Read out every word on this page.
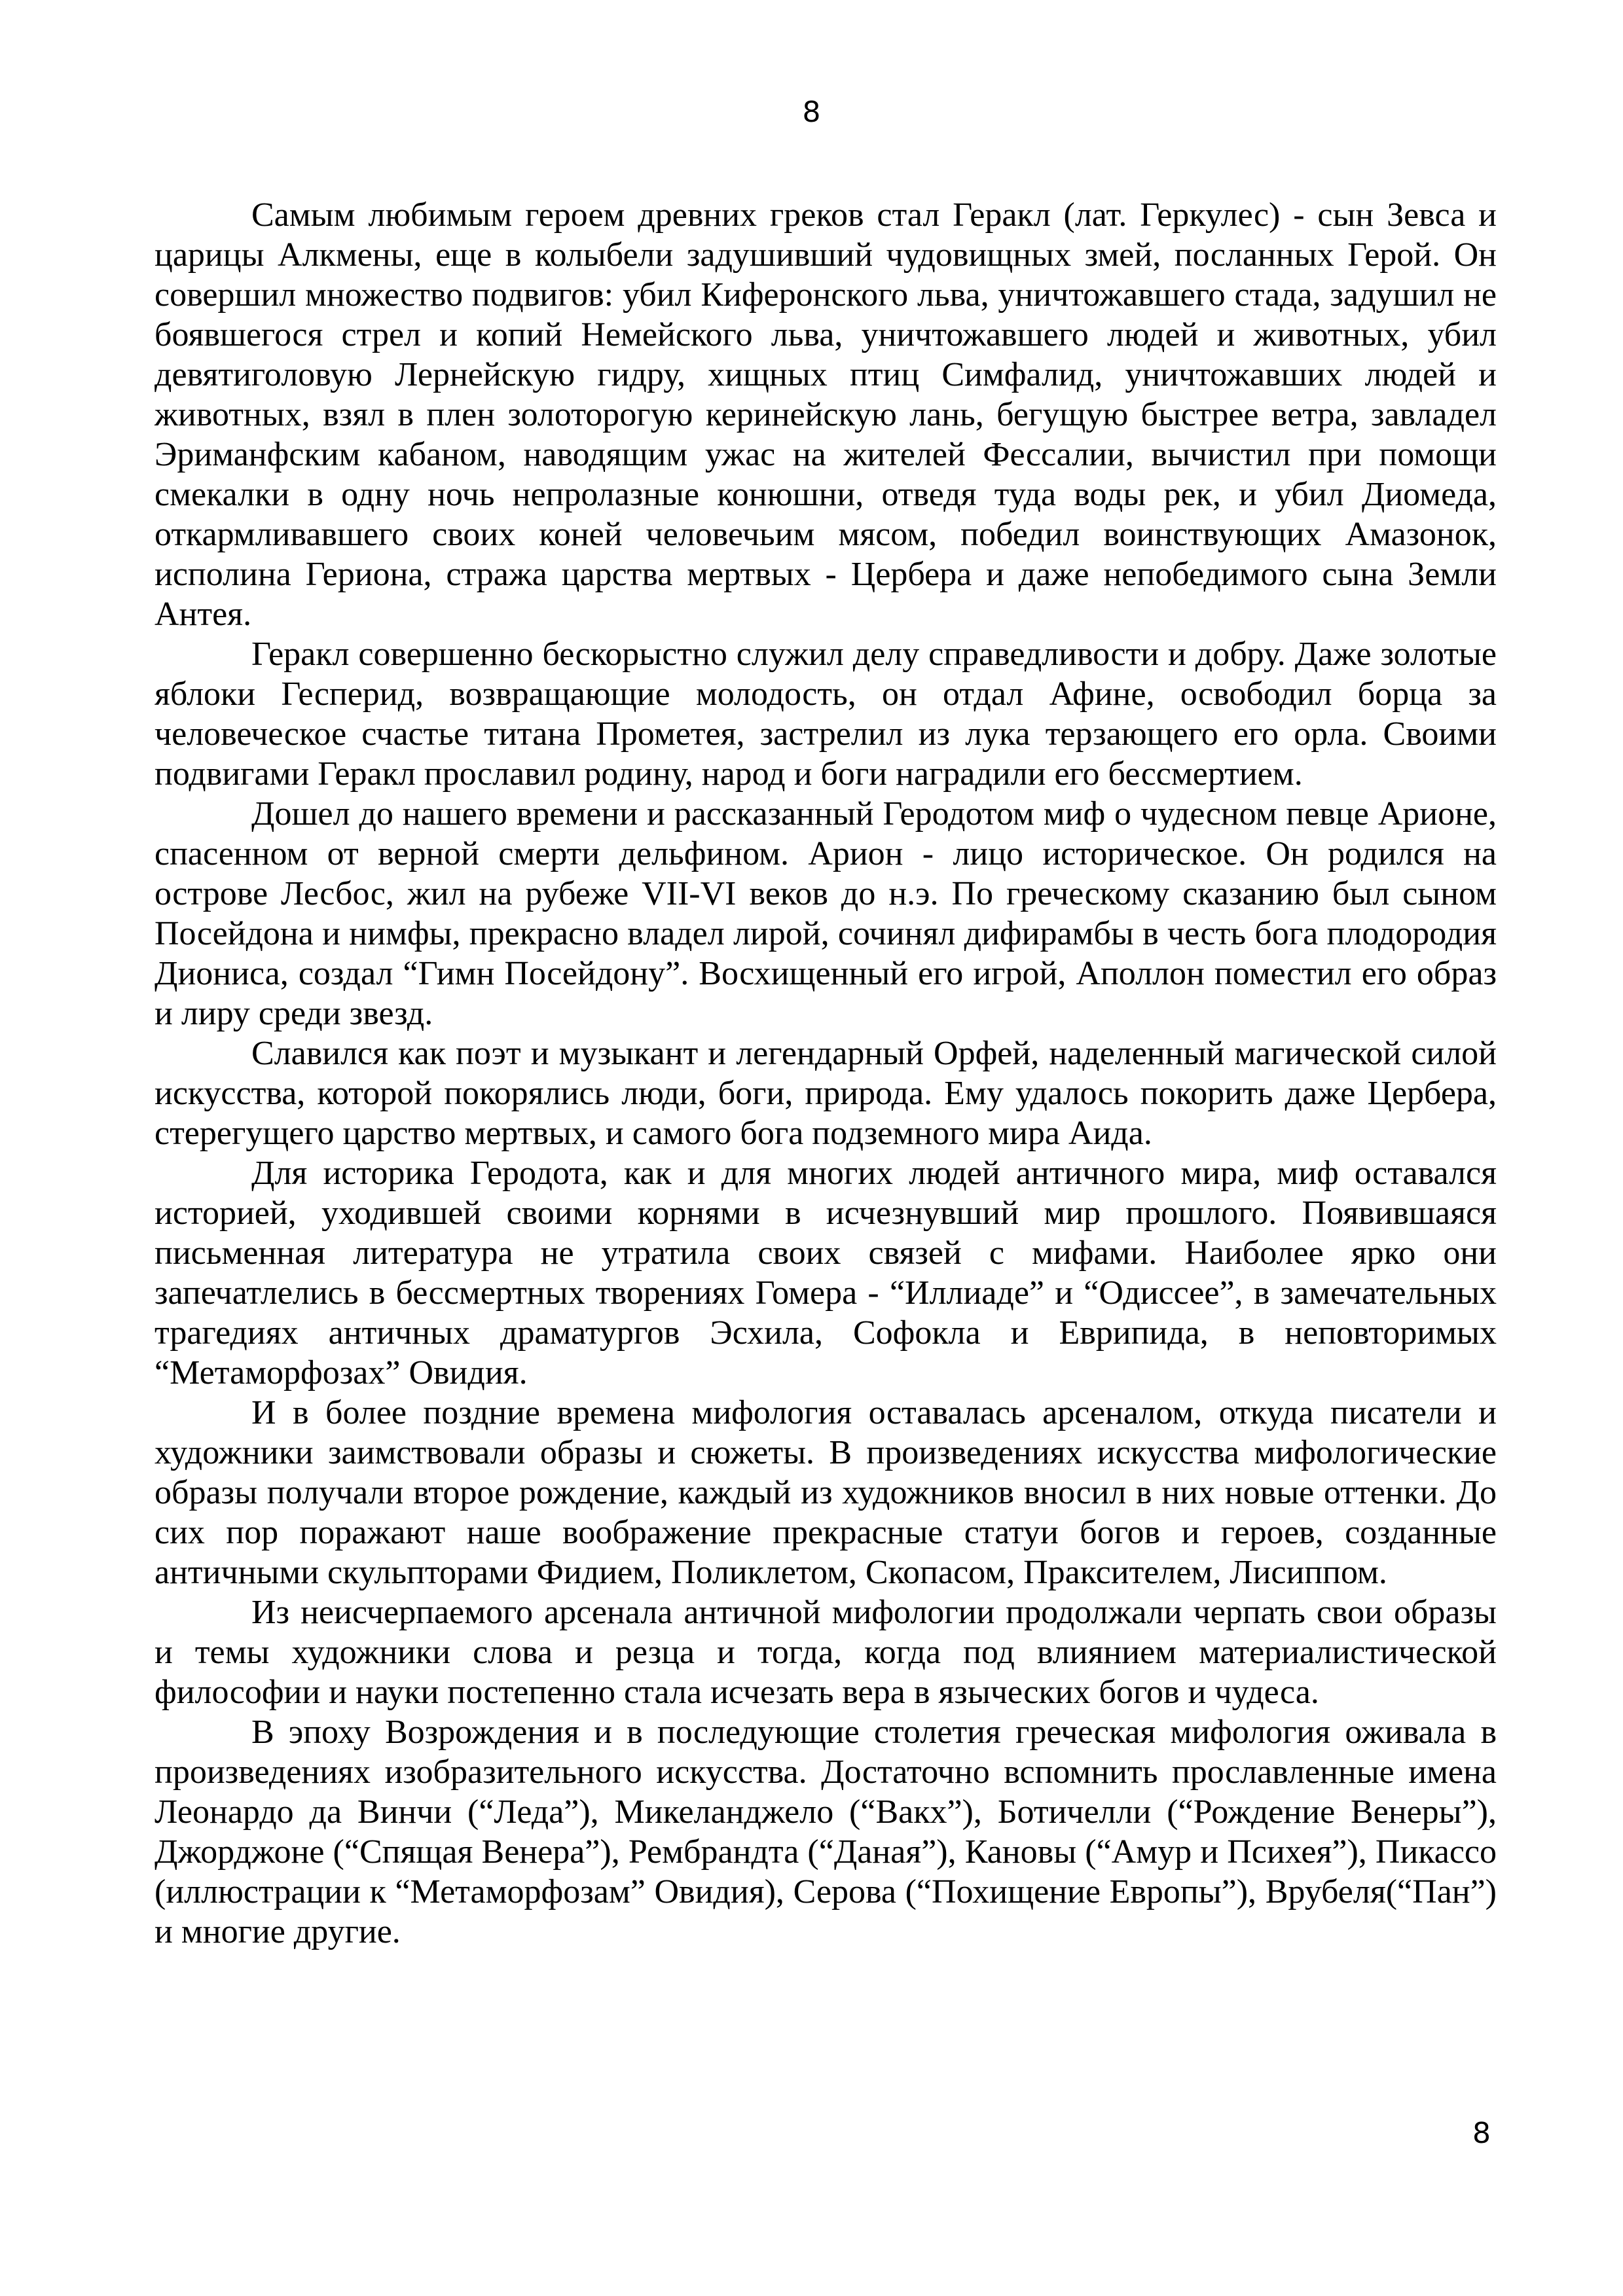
8

Самым любимым героем древних греков стал Геракл (лат. Геркулес) - сын Зевса и царицы Алкмены, еще в колыбели задушивший чудовищных змей, посланных Герой. Он совершил множество подвигов: убил Киферонского льва, уничтожавшего стада, задушил не боявшегося стрел и копий Немейского льва, уничтожавшего людей и животных, убил девятиголовую Лернейскую гидру, хищных птиц Симфалид, уничтожавших людей и животных, взял в плен золоторогую керинейскую лань, бегущую быстрее ветра, завладел Эриманфским кабаном, наводящим ужас на жителей Фессалии, вычистил при помощи смекалки в одну ночь непролазные конюшни, отведя туда воды рек, и убил Диомеда, откармливавшего своих коней человечьим мясом, победил воинствующих Амазонок, исполина Гериона, стража царства мертвых - Цербера и даже непобедимого сына Земли Антея.

Геракл совершенно бескорыстно служил делу справедливости и добру. Даже золотые яблоки Гесперид, возвращающие молодость, он отдал Афине, освободил борца за человеческое счастье титана Прометея, застрелил из лука терзающего его орла. Своими подвигами Геракл прославил родину, народ и боги наградили его бессмертием.

Дошел до нашего времени и рассказанный Геродотом миф о чудесном певце Арионе, спасенном от верной смерти дельфином. Арион - лицо историческое. Он родился на острове Лесбос, жил на рубеже VII-VI веков до н.э. По греческому сказанию был сыном Посейдона и нимфы, прекрасно владел лирой, сочинял дифирамбы в честь бога плодородия Диониса, создал “Гимн Посейдону”. Восхищенный его игрой, Аполлон поместил его образ и лиру среди звезд.

Славился как поэт и музыкант и легендарный Орфей, наделенный магической силой искусства, которой покорялись люди, боги, природа. Ему удалось покорить даже Цербера, стерегущего царство мертвых, и самого бога подземного мира Аида.

Для историка Геродота, как и для многих людей античного мира, миф оставался историей, уходившей своими корнями в исчезнувший мир прошлого. Появившаяся письменная литература не утратила своих связей с мифами. Наиболее ярко они запечатлелись в бессмертных творениях Гомера - “Иллиаде” и “Одиссее”, в замечательных трагедиях античных драматургов Эсхила, Софокла и Еврипида, в неповторимых “Метаморфозах” Овидия.

И в более поздние времена мифология оставалась арсеналом, откуда писатели и художники заимствовали образы и сюжеты. В произведениях искусства мифологические образы получали второе рождение, каждый из художников вносил в них новые оттенки. До сих пор поражают наше воображение прекрасные статуи богов и героев, созданные античными скульпторами Фидием, Поликлетом, Скопасом, Праксителем, Лисиппом.

Из неисчерпаемого арсенала античной мифологии продолжали черпать свои образы и темы художники слова и резца и тогда, когда под влиянием материалистической философии и науки постепенно стала исчезать вера в языческих богов и чудеса.

В эпоху Возрождения и в последующие столетия греческая мифология оживала в произведениях изобразительного искусства. Достаточно вспомнить прославленные имена Леонардо да Винчи (“Леда”), Микеланджело (“Вакх”), Ботичелли (“Рождение Венеры”), Джорджоне (“Спящая Венера”), Рембрандта (“Даная”), Кановы (“Амур и Психея”), Пикассо (иллюстрации к “Метаморфозам” Овидия), Серова (“Похищение Европы”), Врубеля(“Пан”) и многие другие.

8
